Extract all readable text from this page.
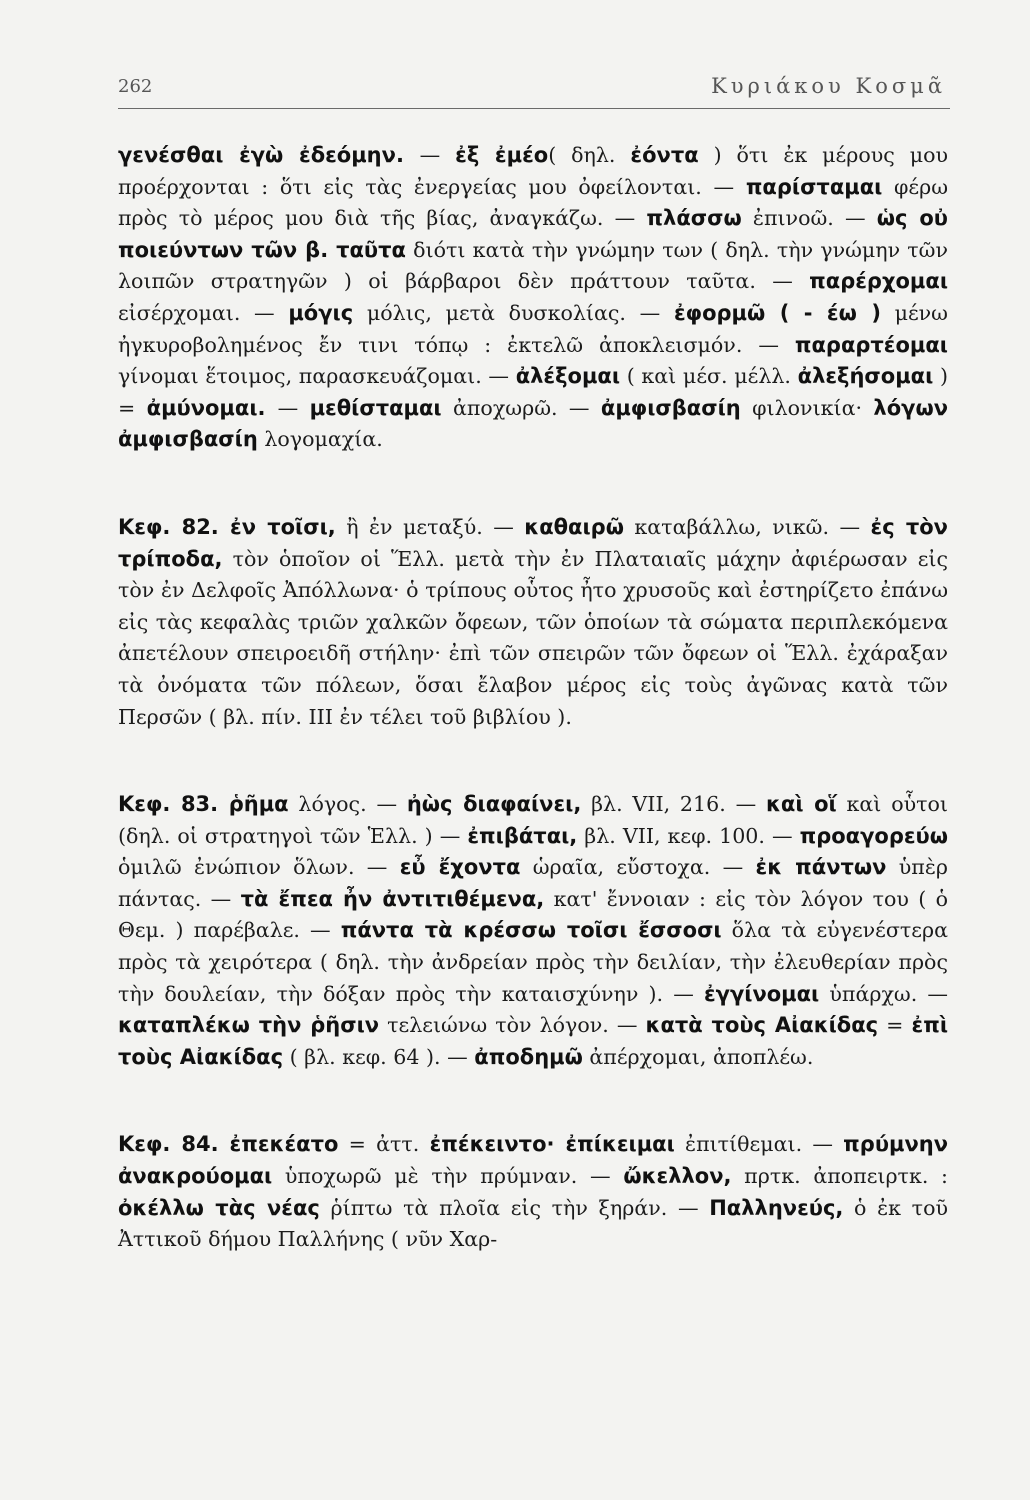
262	Κυριάκου Κοσμᾶ

γενέσθαι ἐγὼ ἐδεόμην. — ἐξ ἐμέο( δηλ. ἐόντα ) ὅτι ἐκ μέρους μου προέρχονται : ὅτι εἰς τὰς ἐνεργείας μου ὀφείλονται. — παρίσταμαι φέρω πρὸς τὸ μέρος μου διὰ τῆς βίας, ἀναγκάζω. — πλάσσω ἐπινοῶ. — ὡς οὐ ποιεύντων τῶν β. ταῦτα διότι κατὰ τὴν γνώμην των ( δηλ. τὴν γνώμην τῶν λοιπῶν στρατηγῶν ) οἱ βάρβαροι δὲν πράττουν ταῦτα. — παρέρχομαι εἰσέρχομαι. — μόγις μόλις, μετὰ δυσκολίας. — ἐφορμῶ ( - έω ) μένω ἠγκυροβολημένος ἔν τινι τόπῳ : ἐκτελῶ ἀποκλεισμόν. — παραρτέομαι γίνομαι ἕτοιμος, παρασκευάζομαι. — ἀλέξομαι ( καὶ μέσ. μέλλ. ἀλεξήσομαι ) = ἀμύνομαι. — μεθίσταμαι ἀποχωρῶ. — ἀμφισβασίη φιλονικία· λόγων ἀμφισβασίη λογομαχία.

Κεφ. 82. ἐν τοῖσι, ἢ ἐν μεταξύ. — καθαιρῶ καταβάλλω, νικῶ. — ἐς τὸν τρίποδα, τὸν ὁποῖον οἱ Ἕλλ. μετὰ τὴν ἐν Πλαταιαῖς μάχην ἀφιέρωσαν εἰς τὸν ἐν Δελφοῖς Ἀπόλλωνα· ὁ τρίπους οὗτος ἦτο χρυσοῦς καὶ ἐστηρίζετο ἐπάνω εἰς τὰς κεφαλὰς τριῶν χαλκῶν ὄφεων, τῶν ὁποίων τὰ σώματα περιπλεκόμενα ἀπετέλουν σπειροειδῆ στήλην· ἐπὶ τῶν σπειρῶν τῶν ὄφεων οἱ Ἕλλ. ἐχάραξαν τὰ ὀνόματα τῶν πόλεων, ὅσαι ἔλαβον μέρος εἰς τοὺς ἀγῶνας κατὰ τῶν Περσῶν ( βλ. πίν. III ἐν τέλει τοῦ βιβλίου ).

Κεφ. 83. ῥῆμα λόγος. — ἠὼς διαφαίνει, βλ. VII, 216. — καὶ οἵ καὶ οὗτοι (δηλ. οἱ στρατηγοὶ τῶν Ἑλλ. ) — ἐπιβάται, βλ. VII, κεφ. 100. — προαγορεύω ὁμιλῶ ἐνώπιον ὅλων. — εὖ ἔχοντα ὡραῖα, εὔστοχα. — ἐκ πάντων ὑπὲρ πάντας. — τὰ ἔπεα ἦν ἀντιτιθέμενα, κατ' ἔννοιαν : εἰς τὸν λόγον του ( ὁ Θεμ. ) παρέβαλε. — πάντα τὰ κρέσσω τοῖσι ἔσσοσι ὅλα τὰ εὐγενέστερα πρὸς τὰ χειρότερα ( δηλ. τὴν ἀνδρείαν πρὸς τὴν δειλίαν, τὴν ἐλευθερίαν πρὸς τὴν δουλείαν, τὴν δόξαν πρὸς τὴν καταισχύνην ). — ἐγγίνομαι ὑπάρχω. — καταπλέκω τὴν ῥῆσιν τελειώνω τὸν λόγον. — κατὰ τοὺς Αἰακίδας = ἐπὶ τοὺς Αἰακίδας ( βλ. κεφ. 64 ). — ἀποδημῶ ἀπέρχομαι, ἀποπλέω.

Κεφ. 84. ἐπεκέατο = ἀττ. ἐπέκειντο· ἐπίκειμαι ἐπιτίθεμαι. — πρύμνην ἀνακρούομαι ὑποχωρῶ μὲ τὴν πρύμναν. — ὤκελλον, πρτκ. ἀποπειρτκ. : ὀκέλλω τὰς νέας ῥίπτω τὰ πλοῖα εἰς τὴν ξηράν. — Παλληνεύς, ὁ ἐκ τοῦ Ἀττικοῦ δήμου Παλλήνης ( νῦν Χαρ-
